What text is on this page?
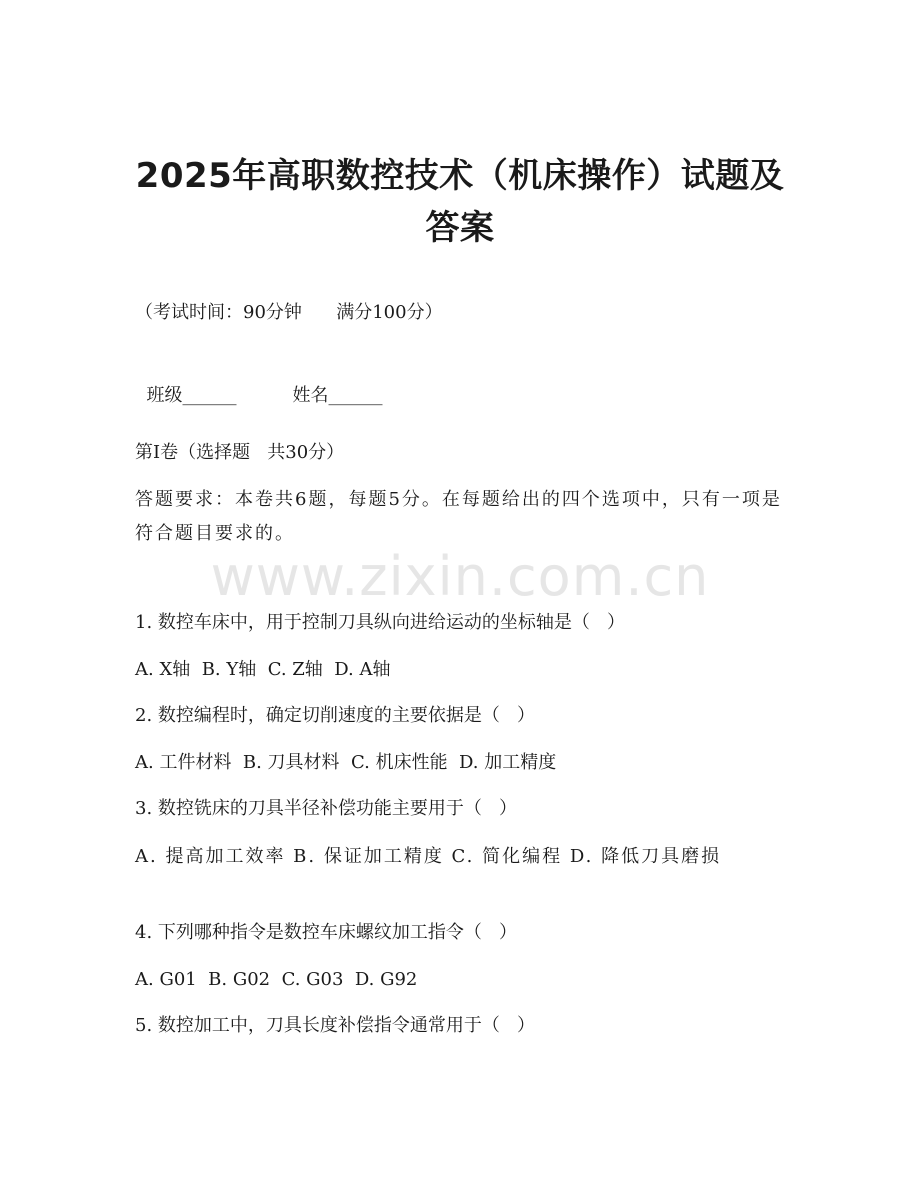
www.zixin.com.cn
2025年高职数控技术（机床操作）试题及答案
（考试时间：90分钟      满分100分）

班级______	姓名______

第I卷（选择题   共30分）
答题要求：本卷共6题，每题5分。在每题给出的四个选项中，只有一项是符合题目要求的。
1. 数控车床中，用于控制刀具纵向进给运动的坐标轴是（   ）
A. X轴  B. Y轴  C. Z轴  D. A轴
2. 数控编程时，确定切削速度的主要依据是（   ）
A. 工件材料  B. 刀具材料  C. 机床性能  D. 加工精度
3. 数控铣床的刀具半径补偿功能主要用于（   ）
A. 提高加工效率 B. 保证加工精度 C. 简化编程 D. 降低刀具磨损
4. 下列哪种指令是数控车床螺纹加工指令（   ）
A. G01  B. G02  C. G03  D. G92
5. 数控加工中，刀具长度补偿指令通常用于（   ）
